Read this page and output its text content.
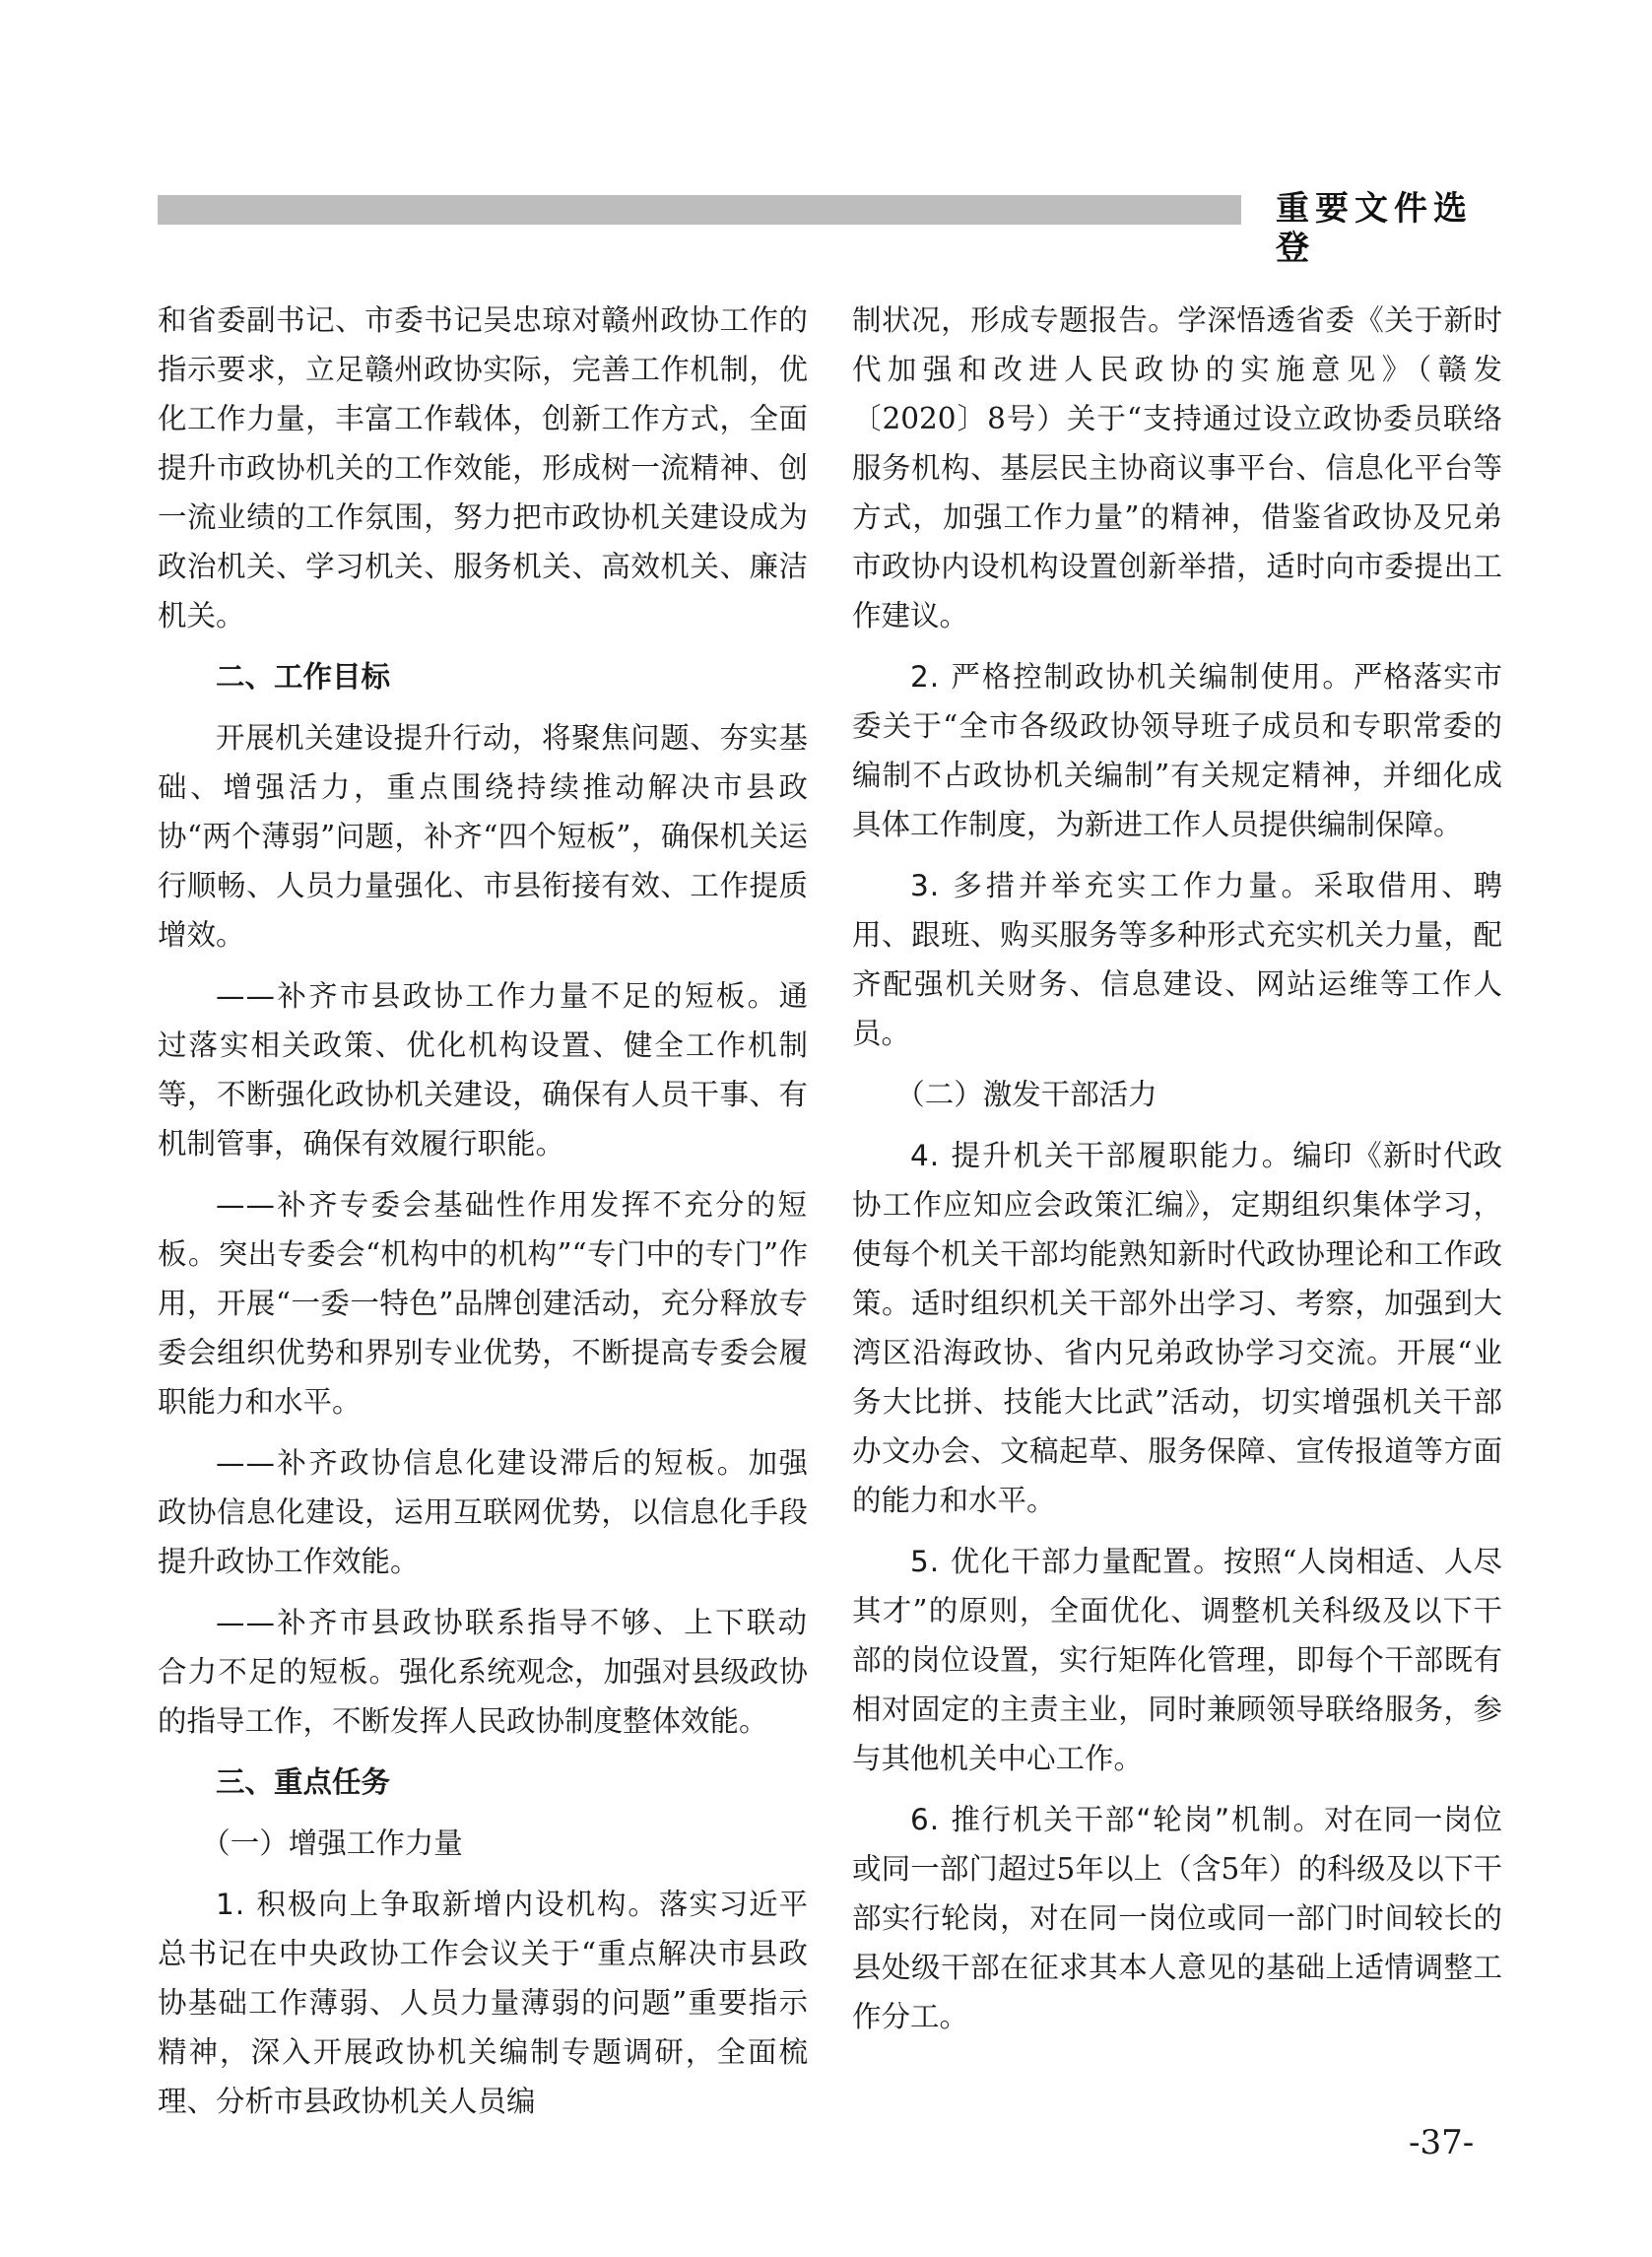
重要文件选登

和省委副书记、市委书记吴忠琼对赣州政协工作的指示要求，立足赣州政协实际，完善工作机制，优化工作力量，丰富工作载体，创新工作方式，全面提升市政协机关的工作效能，形成树一流精神、创一流业绩的工作氛围，努力把市政协机关建设成为政治机关、学习机关、服务机关、高效机关、廉洁机关。

二、工作目标

开展机关建设提升行动，将聚焦问题、夯实基础、增强活力，重点围绕持续推动解决市县政协“两个薄弱”问题，补齐“四个短板”，确保机关运行顺畅、人员力量强化、市县衔接有效、工作提质增效。

——补齐市县政协工作力量不足的短板。通过落实相关政策、优化机构设置、健全工作机制等，不断强化政协机关建设，确保有人员干事、有机制管事，确保有效履行职能。

——补齐专委会基础性作用发挥不充分的短板。突出专委会“机构中的机构”“专门中的专门”作用，开展“一委一特色”品牌创建活动，充分释放专委会组织优势和界别专业优势，不断提高专委会履职能力和水平。

——补齐政协信息化建设滞后的短板。加强政协信息化建设，运用互联网优势，以信息化手段提升政协工作效能。

——补齐市县政协联系指导不够、上下联动合力不足的短板。强化系统观念，加强对县级政协的指导工作，不断发挥人民政协制度整体效能。

三、重点任务
（一）增强工作力量

1. 积极向上争取新增内设机构。落实习近平总书记在中央政协工作会议关于“重点解决市县政协基础工作薄弱、人员力量薄弱的问题”重要指示精神，深入开展政协机关编制专题调研，全面梳理、分析市县政协机关人员编

制状况，形成专题报告。学深悟透省委《关于新时代加强和改进人民政协的实施意见》（赣发〔2020〕8号）关于“支持通过设立政协委员联络服务机构、基层民主协商议事平台、信息化平台等方式，加强工作力量”的精神，借鉴省政协及兄弟市政协内设机构设置创新举措，适时向市委提出工作建议。

2. 严格控制政协机关编制使用。严格落实市委关于“全市各级政协领导班子成员和专职常委的编制不占政协机关编制”有关规定精神，并细化成具体工作制度，为新进工作人员提供编制保障。

3. 多措并举充实工作力量。采取借用、聘用、跟班、购买服务等多种形式充实机关力量，配齐配强机关财务、信息建设、网站运维等工作人员。

（二）激发干部活力

4. 提升机关干部履职能力。编印《新时代政协工作应知应会政策汇编》，定期组织集体学习，使每个机关干部均能熟知新时代政协理论和工作政策。适时组织机关干部外出学习、考察，加强到大湾区沿海政协、省内兄弟政协学习交流。开展“业务大比拼、技能大比武”活动，切实增强机关干部办文办会、文稿起草、服务保障、宣传报道等方面的能力和水平。

5. 优化干部力量配置。按照“人岗相适、人尽其才”的原则，全面优化、调整机关科级及以下干部的岗位设置，实行矩阵化管理，即每个干部既有相对固定的主责主业，同时兼顾领导联络服务，参与其他机关中心工作。

6. 推行机关干部“轮岗”机制。对在同一岗位或同一部门超过5年以上（含5年）的科级及以下干部实行轮岗，对在同一岗位或同一部门时间较长的县处级干部在征求其本人意见的基础上适情调整工作分工。

-37-
